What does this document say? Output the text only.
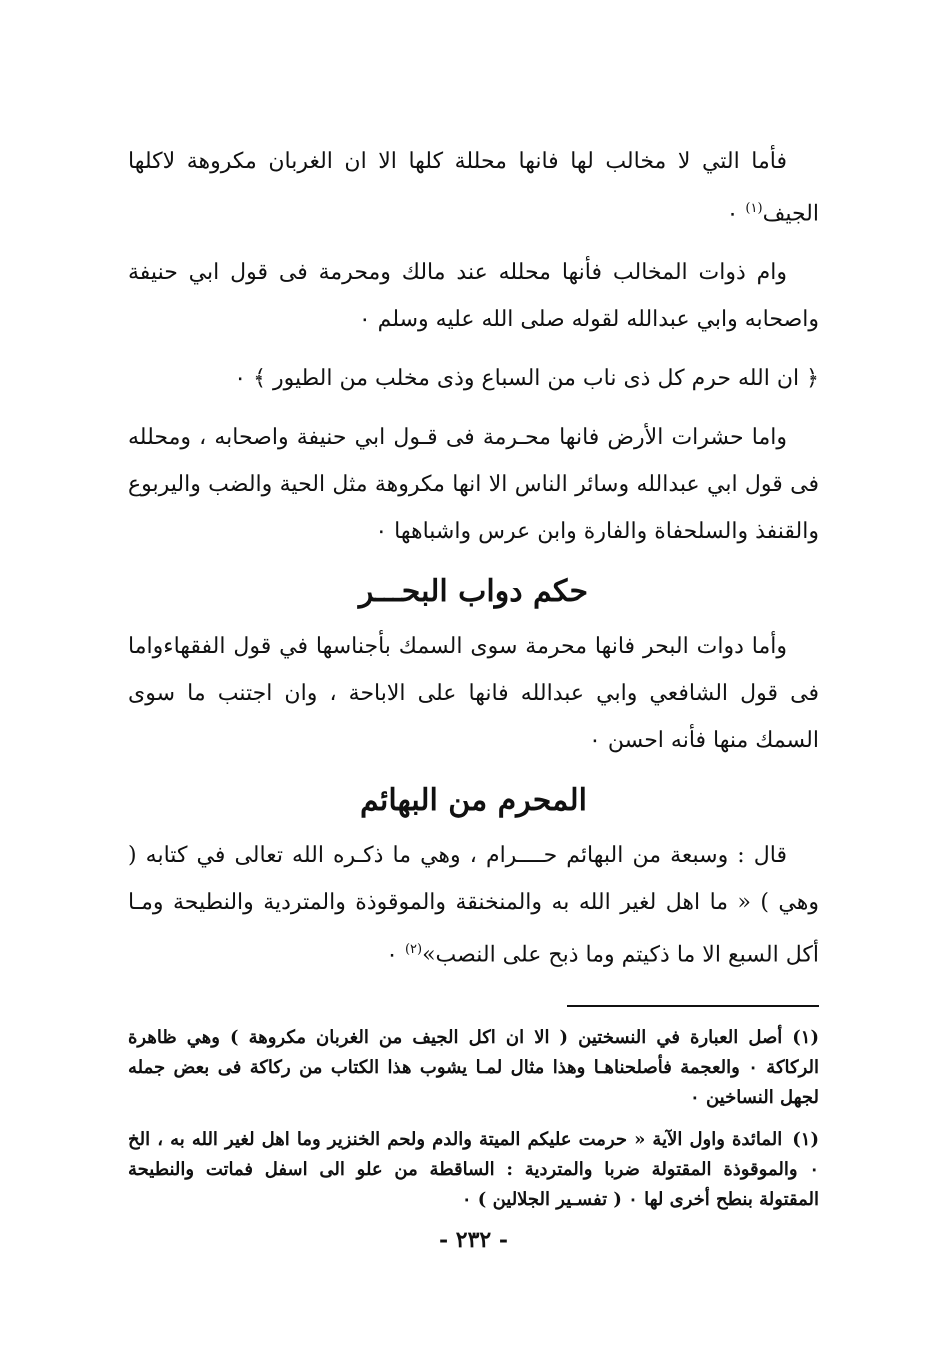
فأما التي لا مخالب لها فانها محللة كلها الا ان الغربان مكروهة لاكلها الجيف$^{(١)}$ ٠

وام ذوات المخالب فأنها محلله عند مالك ومحرمة فى قول ابي حنيفة واصحابه وابي عبدالله لقوله صلى الله عليه وسلم ٠

﴿ ان الله حرم كل ذى ناب من السباع وذى مخلب من الطيور ﴾ ٠

واما حشرات الأرض فانها محـرمة فى قـول ابي حنيفة واصحابه ، ومحلله فى قول ابي عبدالله وسائر الناس الا انها مكروهة مثل الحية والضب واليربوع والقنفذ والسلحفاة والفارة وابن عرس واشباهها ٠

حكم دواب البحـــر

وأما دوات البحر فانها محرمة سوى السمك بأجناسها في قول الفقهاءواما فى قول الشافعي وابي عبدالله فانها على الاباحة ، وان اجتنب ما سوى السمك منها فأنه احسن ٠

المحرم من البهائم

قال : وسبعة من البهائم حــــرام ، وهي ما ذكـره الله تعالى في كتابه ( وهي ) « ما اهل لغير الله به والمنخنقة والموقوذة والمتردية والنطيحة ومـا أكل السبع الا ما ذكيتم وما ذبح على النصب»$^{(٢)}$ ٠

(١)أصل العبارة في النسختين ( الا ان اكل الجيف من الغربان مكروهة ) وهي ظاهرة الركاكة ٠ والعجمة فأصلحناهـا وهذا مثال لمـا يشوب هذا الكتاب من ركاكة فى بعض جمله لجهل النساخين ٠

(١)المائدة واول الآية « حرمت عليكم الميتة والدم ولحم الخنزير وما اهل لغير الله به ، الخ ٠ والموقوذة المقتولة ضربا والمتردية : الساقطة من علو الى اسفل فماتت والنطيحة المقتولة بنطح أخرى لها ٠ ( تفسـير الجلالين ) ٠

- ٢٣٢ -
